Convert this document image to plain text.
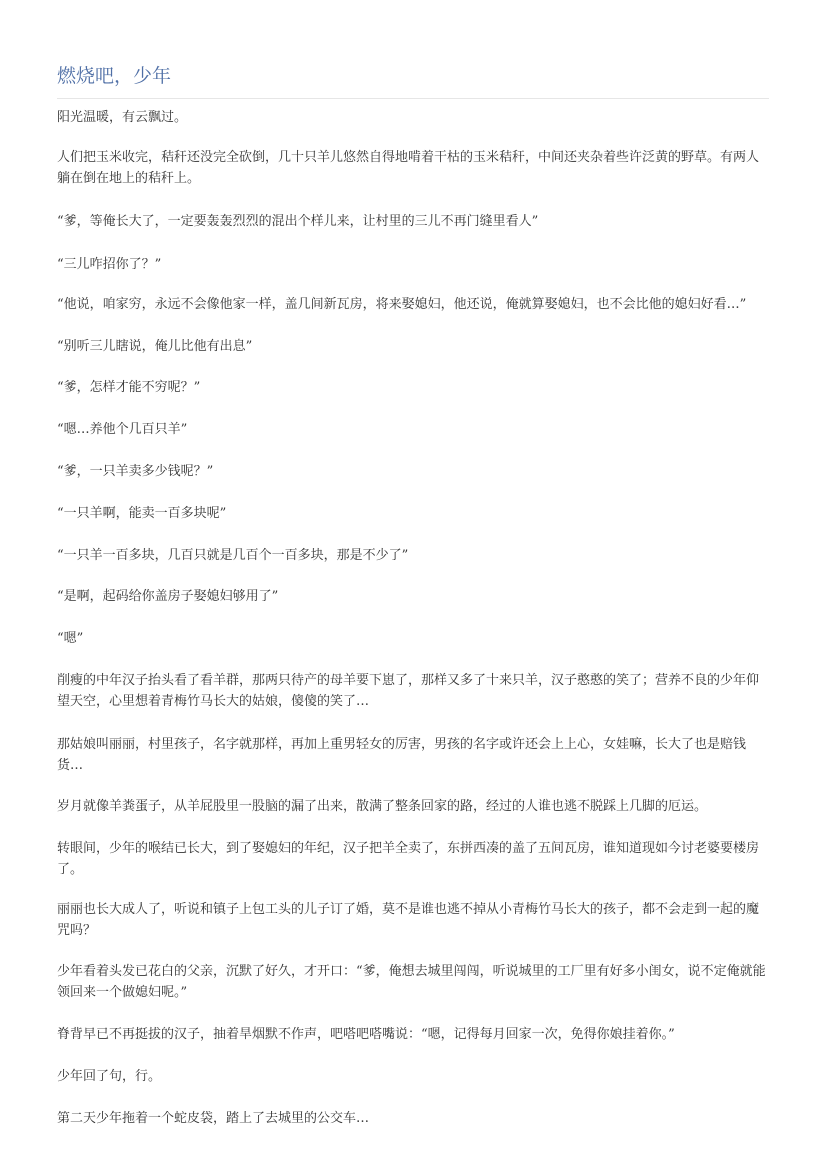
燃烧吧，少年

阳光温暖，有云飘过。

人们把玉米收完，秸秆还没完全砍倒，几十只羊儿悠然自得地啃着干枯的玉米秸秆，中间还夹杂着些许泛黄的野草。有两人躺在倒在地上的秸秆上。

“爹，等俺长大了，一定要轰轰烈烈的混出个样儿来，让村里的三儿不再门缝里看人”

“三儿咋招你了？”

“他说，咱家穷，永远不会像他家一样，盖几间新瓦房，将来娶媳妇，他还说，俺就算娶媳妇，也不会比他的媳妇好看…”

“别听三儿瞎说，俺儿比他有出息”

“爹，怎样才能不穷呢？”

“嗯…养他个几百只羊”

“爹，一只羊卖多少钱呢？”

“一只羊啊，能卖一百多块呢”

“一只羊一百多块，几百只就是几百个一百多块，那是不少了”

“是啊，起码给你盖房子娶媳妇够用了”

“嗯”

削瘦的中年汉子抬头看了看羊群，那两只待产的母羊要下崽了，那样又多了十来只羊，汉子憨憨的笑了；营养不良的少年仰望天空，心里想着青梅竹马长大的姑娘，傻傻的笑了…

那姑娘叫丽丽，村里孩子，名字就那样，再加上重男轻女的厉害，男孩的名字或许还会上上心，女娃嘛，长大了也是赔钱货…

岁月就像羊粪蛋子，从羊屁股里一股脑的漏了出来，散满了整条回家的路，经过的人谁也逃不脱踩上几脚的厄运。

转眼间，少年的喉结已长大，到了娶媳妇的年纪，汉子把羊全卖了，东拼西凑的盖了五间瓦房，谁知道现如今讨老婆要楼房了。

丽丽也长大成人了，听说和镇子上包工头的儿子订了婚，莫不是谁也逃不掉从小青梅竹马长大的孩子，都不会走到一起的魔咒吗？

少年看着头发已花白的父亲，沉默了好久，才开口：“爹，俺想去城里闯闯，听说城里的工厂里有好多小闺女，说不定俺就能领回来一个做媳妇呢。”

脊背早已不再挺拔的汉子，抽着旱烟默不作声，吧嗒吧嗒嘴说：“嗯，记得每月回家一次，免得你娘挂着你。”

少年回了句，行。

第二天少年拖着一个蛇皮袋，踏上了去城里的公交车…
